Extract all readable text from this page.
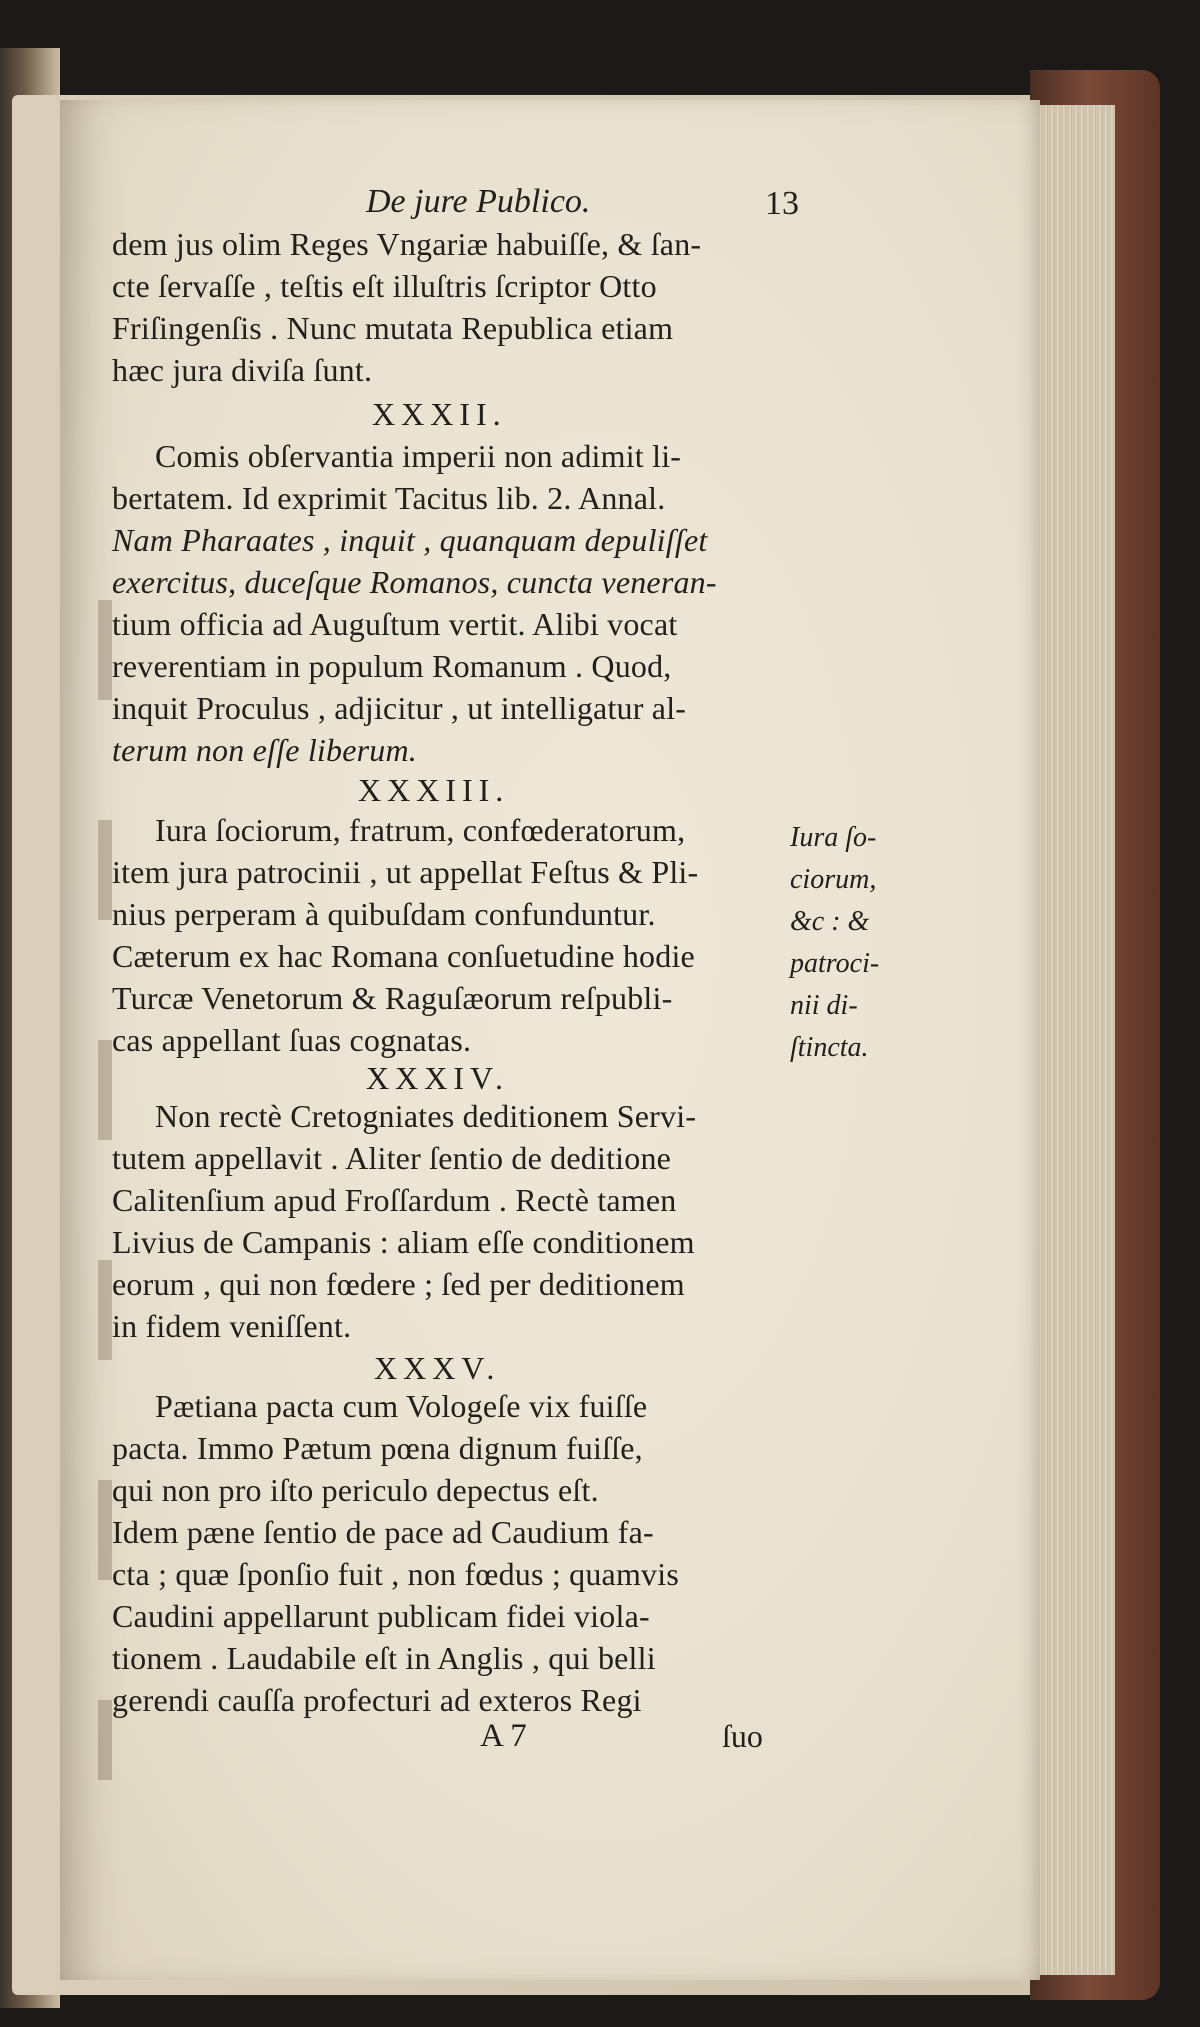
De jure Publico.	13
dem jus olim Reges Vngariæ habuiſſe, & ſan-
cte ſervaſſe , teſtis eſt illuſtris ſcriptor Otto
Friſingenſis . Nunc mutata Republica etiam
hæc jura diviſa ſunt.
XXXII.
Comis obſervantia imperii non adimit li-
bertatem. Id exprimit Tacitus lib. 2. Annal.
Nam Pharaates , inquit , quanquam depuliſſet
exercitus, duceſque Romanos, cuncta veneran-
tium officia ad Auguſtum vertit. Alibi vocat
reverentiam in populum Romanum . Quod,
inquit Proculus , adjicitur , ut intelligatur al-
terum non eſſe liberum.
XXXIII.
Iura ſociorum, fratrum, confœderatorum,
item jura patrocinii , ut appellat Feſtus & Pli-
nius perperam à quibuſdam confunduntur.
Cæterum ex hac Romana conſuetudine hodie
Turcæ Venetorum & Raguſæorum reſpubli-
cas appellant ſuas cognatas.
Iura ſo-
ciorum,
&c : &
patroci-
nii di-
ſtincta.
XXXIV.
Non rectè Cretogniates deditionem Servi-
tutem appellavit . Aliter ſentio de deditione
Calitenſium apud Froſſardum . Rectè tamen
Livius de Campanis : aliam eſſe conditionem
eorum , qui non fœdere ; ſed per deditionem
in fidem veniſſent.
XXXV.
Pætiana pacta cum Vologeſe vix fuiſſe
pacta. Immo Pætum pœna dignum fuiſſe,
qui non pro iſto periculo depectus eſt.
Idem pæne ſentio de pace ad Caudium fa-
cta ; quæ ſponſio fuit , non fœdus ; quamvis
Caudini appellarunt publicam fidei viola-
tionem . Laudabile eſt in Anglis , qui belli
gerendi cauſſa profecturi ad exteros Regi
A 7	ſuo
